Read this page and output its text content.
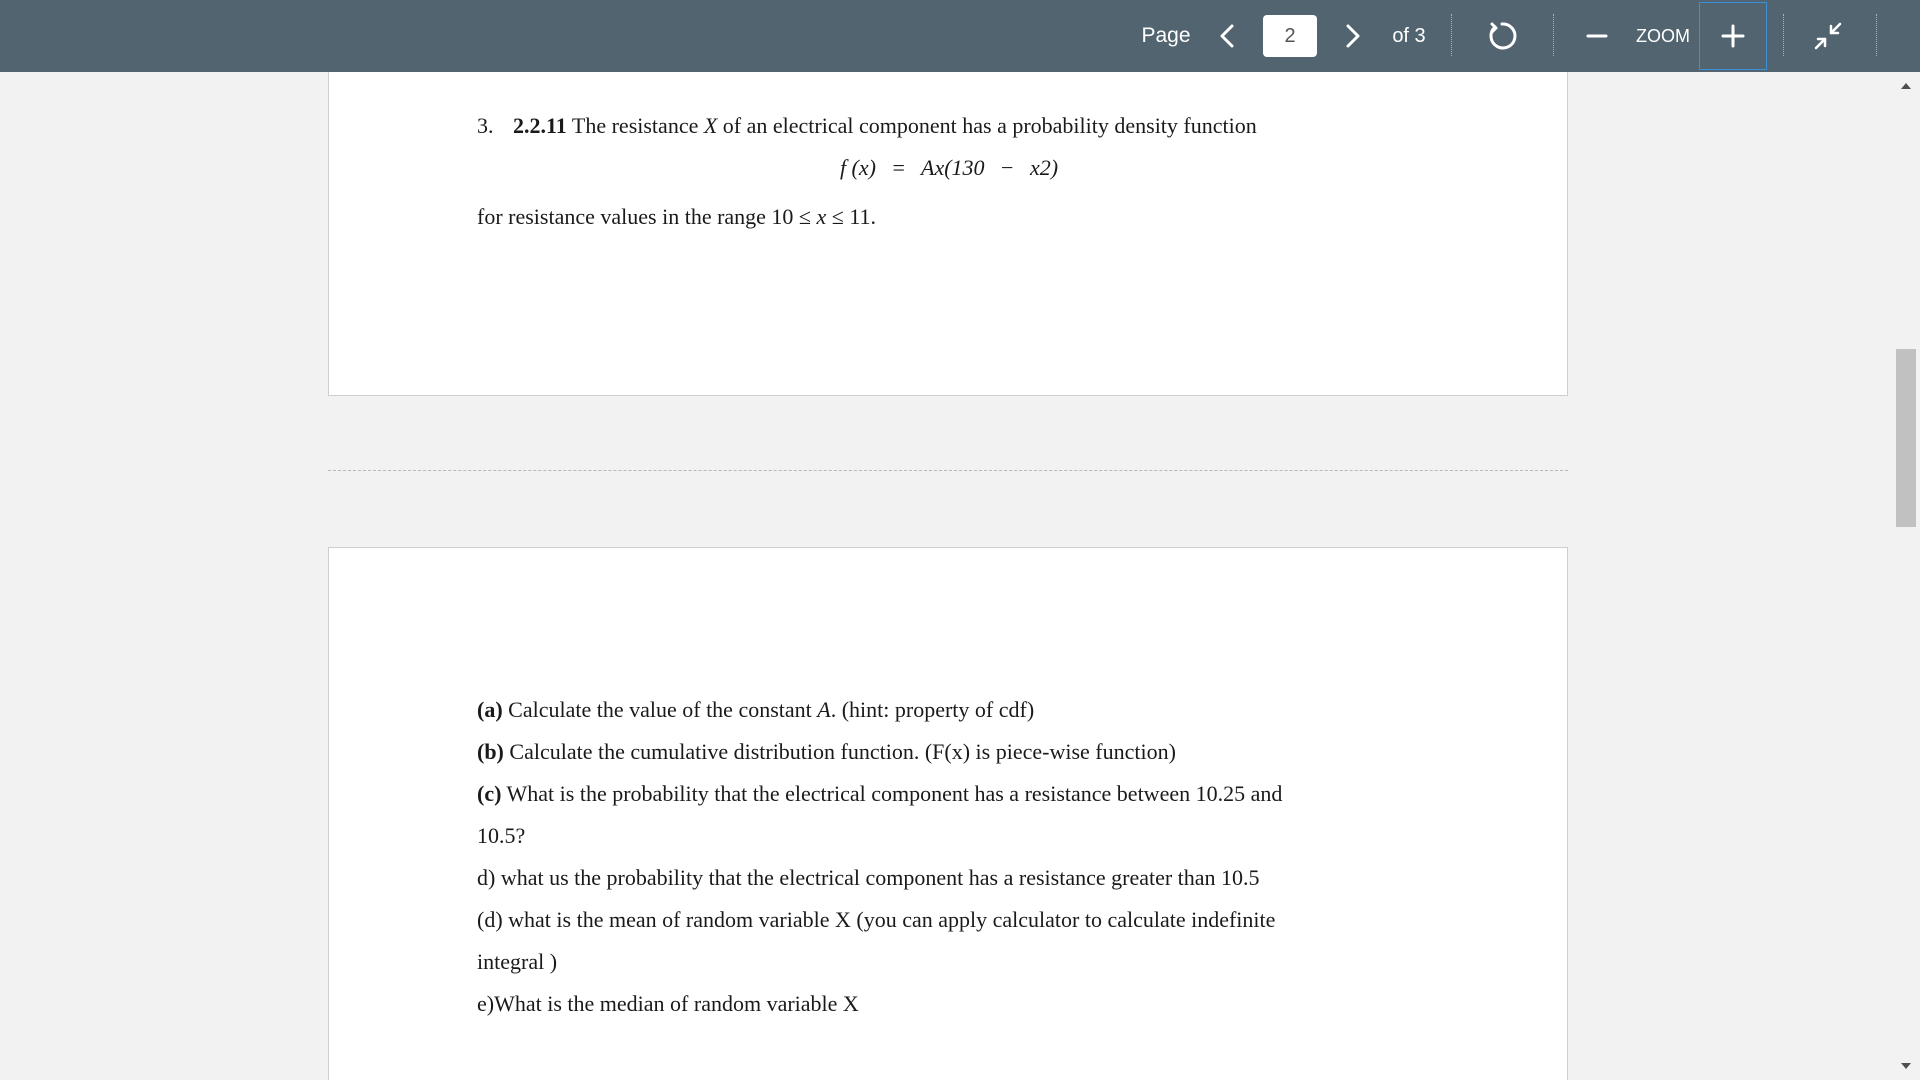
Page
2	of 3	ZOOM
3. 2.2.11 The resistance X of an electrical component has a probability density function
f (x) = Ax(130 − x2)
for resistance values in the range 10 ≤ x ≤ 11.
(a) Calculate the value of the constant A. (hint: property of cdf)
(b) Calculate the cumulative distribution function. (F(x) is piece-wise function)
(c) What is the probability that the electrical component has a resistance between 10.25 and
10.5?
d) what us the probability that the electrical component has a resistance greater than 10.5
(d) what is the mean of random variable X (you can apply calculator to calculate indefinite
integral )
e)What is the median of random variable X
